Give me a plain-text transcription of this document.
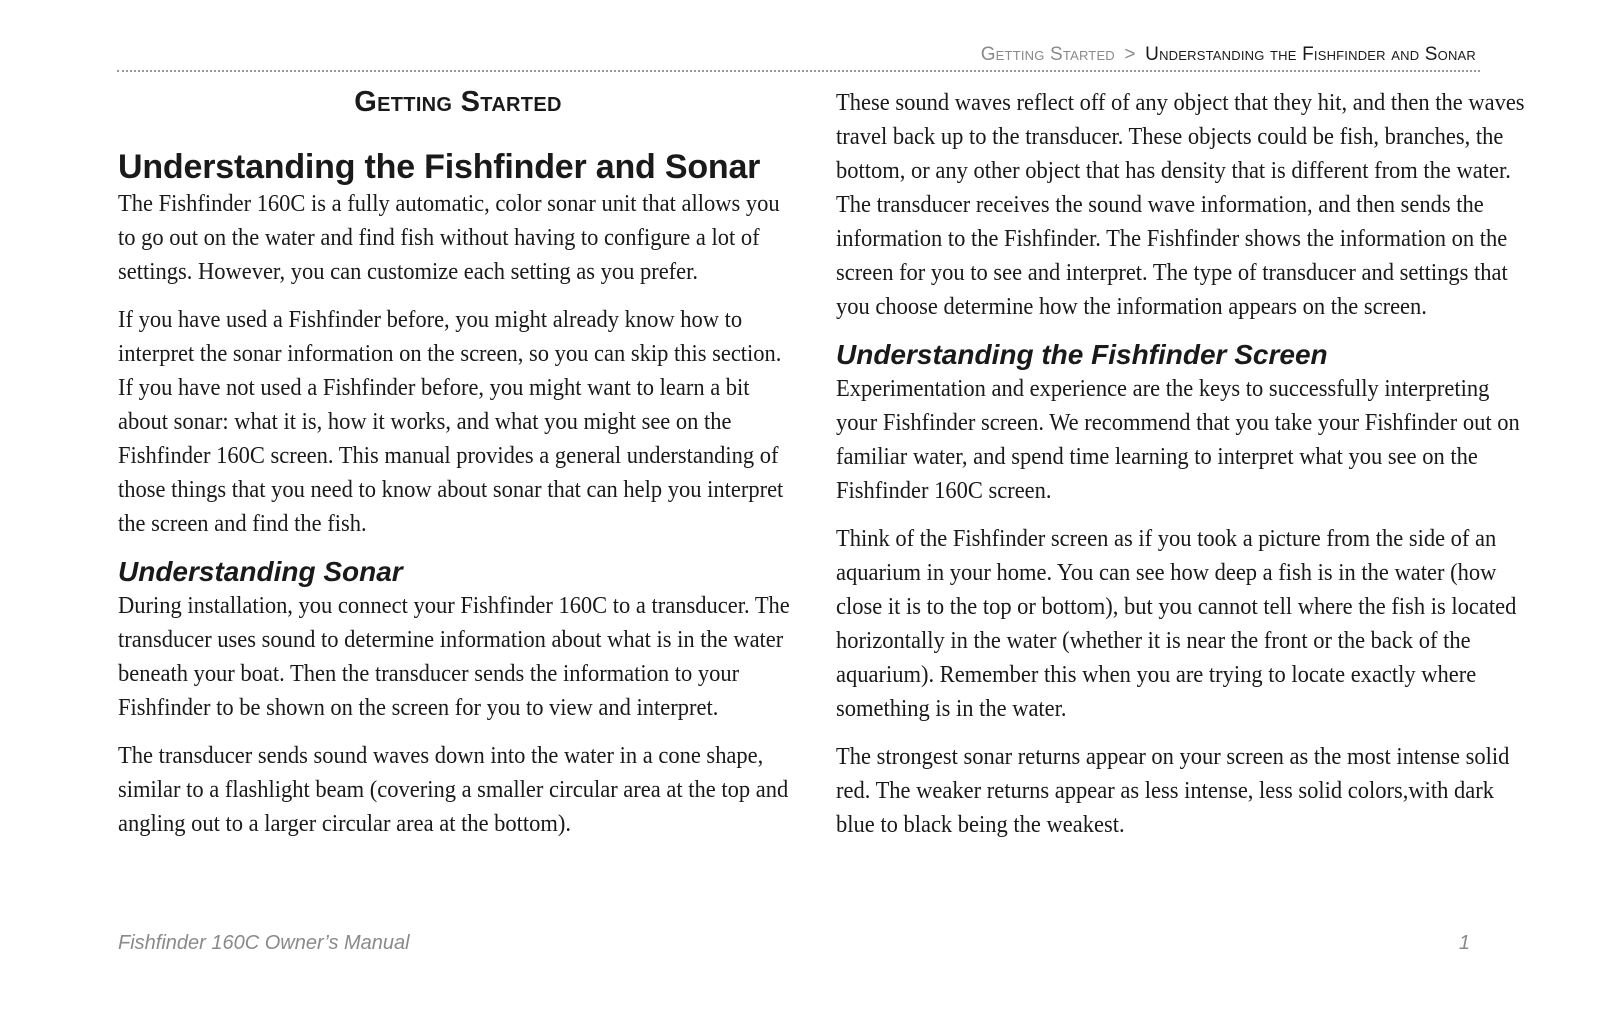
Getting Started > Understanding the Fishfinder and Sonar
Getting Started
Understanding the Fishfinder and Sonar

The Fishfinder 160C is a fully automatic, color sonar unit that allows you to go out on the water and find fish without having to configure a lot of settings. However, you can customize each setting as you prefer.

If you have used a Fishfinder before, you might already know how to interpret the sonar information on the screen, so you can skip this section. If you have not used a Fishfinder before, you might want to learn a bit about sonar: what it is, how it works, and what you might see on the Fishfinder 160C screen. This manual provides a general understanding of those things that you need to know about sonar that can help you interpret the screen and find the fish.

Understanding Sonar

During installation, you connect your Fishfinder 160C to a transducer. The transducer uses sound to determine information about what is in the water beneath your boat. Then the transducer sends the information to your Fishfinder to be shown on the screen for you to view and interpret.

The transducer sends sound waves down into the water in a cone shape, similar to a flashlight beam (covering a smaller circular area at the top and angling out to a larger circular area at the bottom).

These sound waves reflect off of any object that they hit, and then the waves travel back up to the transducer. These objects could be fish, branches, the bottom, or any other object that has density that is different from the water. The transducer receives the sound wave information, and then sends the information to the Fishfinder. The Fishfinder shows the information on the screen for you to see and interpret. The type of transducer and settings that you choose determine how the information appears on the screen.

Understanding the Fishfinder Screen

Experimentation and experience are the keys to successfully interpreting your Fishfinder screen. We recommend that you take your Fishfinder out on familiar water, and spend time learning to interpret what you see on the Fishfinder 160C screen.

Think of the Fishfinder screen as if you took a picture from the side of an aquarium in your home. You can see how deep a fish is in the water (how close it is to the top or bottom), but you cannot tell where the fish is located horizontally in the water (whether it is near the front or the back of the aquarium). Remember this when you are trying to locate exactly where something is in the water.

The strongest sonar returns appear on your screen as the most intense solid red. The weaker returns appear as less intense, less solid colors,with dark blue to black being the weakest.

Fishfinder 160C Owner’s Manual	1
